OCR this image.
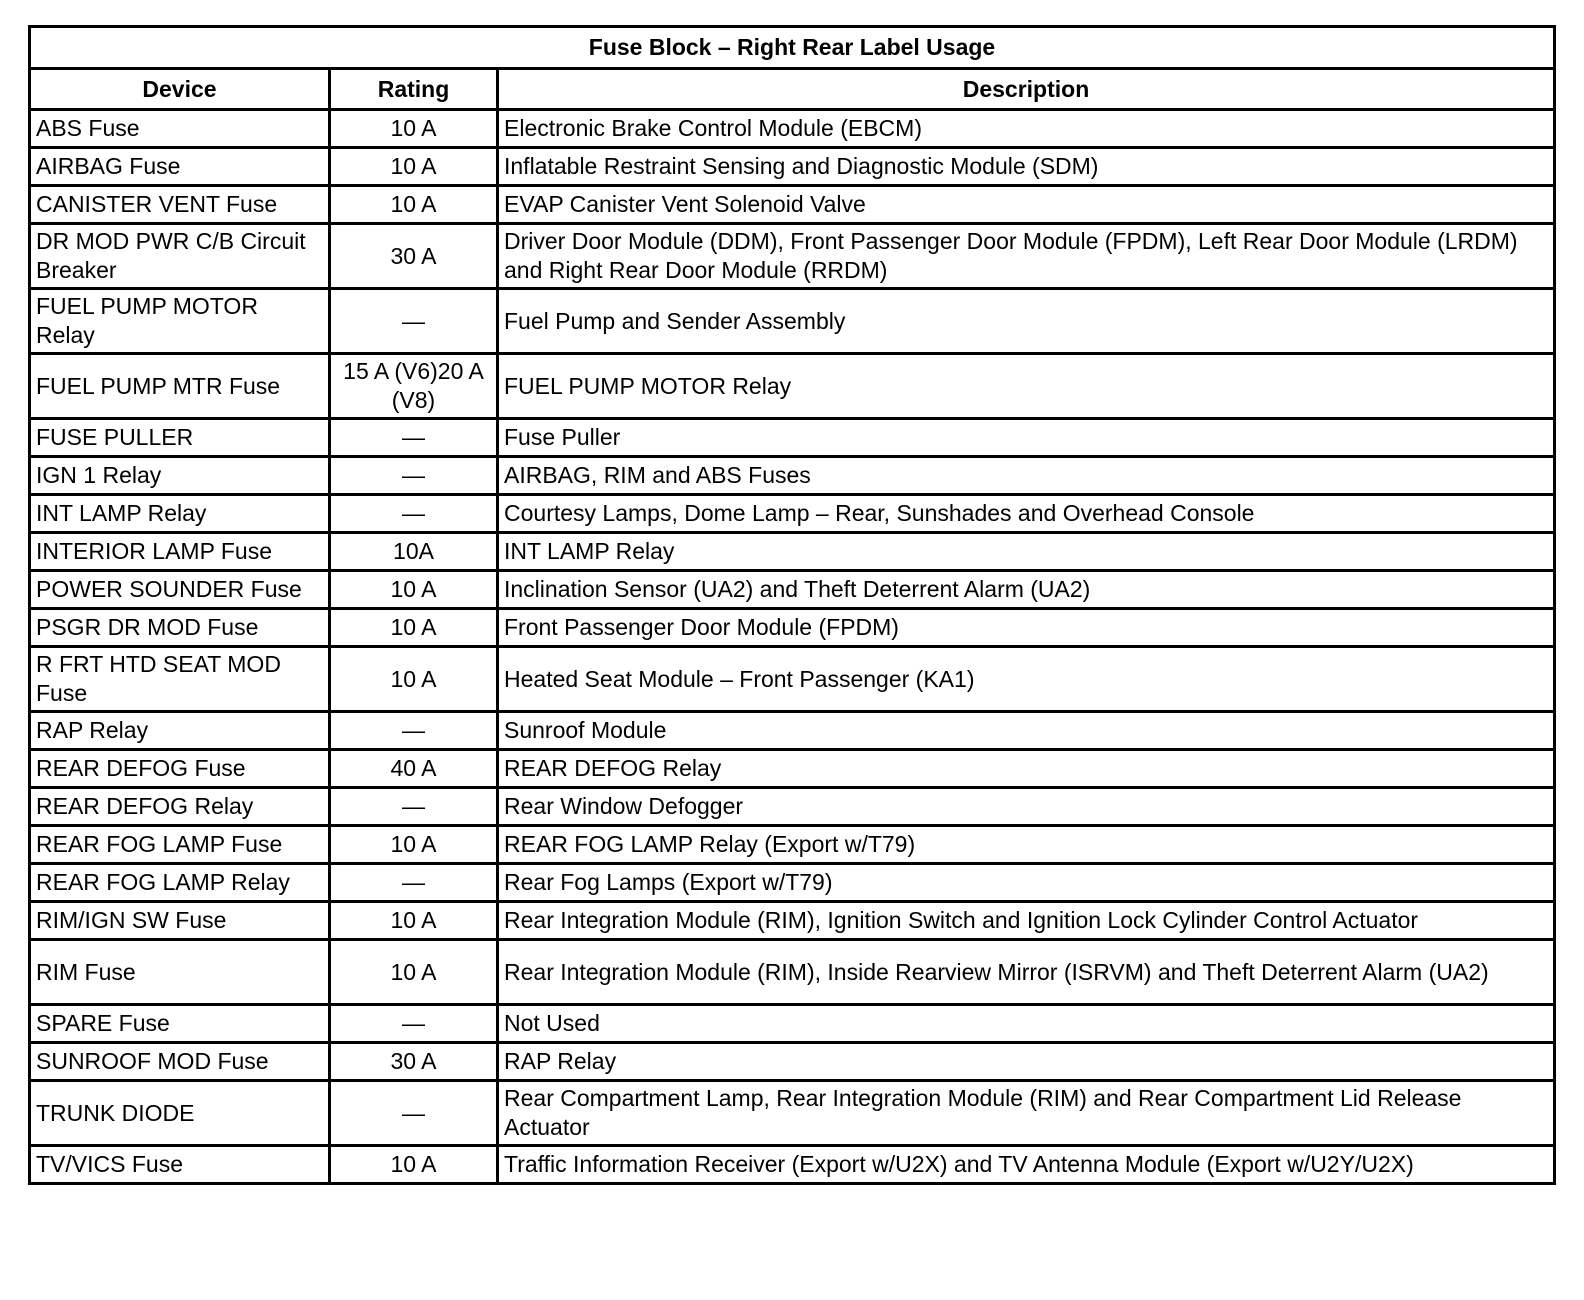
Fuse Block – Right Rear Label Usage		
Device	Rating	Description
ABS Fuse	10 A	Electronic Brake Control Module (EBCM)
AIRBAG Fuse	10 A	Inflatable Restraint Sensing and Diagnostic Module (SDM)
CANISTER VENT Fuse	10 A	EVAP Canister Vent Solenoid Valve
DR MOD PWR C/B Circuit Breaker	30 A	Driver Door Module (DDM), Front Passenger Door Module (FPDM), Left Rear Door Module (LRDM) and Right Rear Door Module (RRDM)
FUEL PUMP MOTOR Relay	—	Fuel Pump and Sender Assembly
FUEL PUMP MTR Fuse	15 A (V6)20 A (V8)	FUEL PUMP MOTOR Relay
FUSE PULLER	—	Fuse Puller
IGN 1 Relay	—	AIRBAG, RIM and ABS Fuses
INT LAMP Relay	—	Courtesy Lamps, Dome Lamp – Rear, Sunshades and Overhead Console
INTERIOR LAMP Fuse	10A	INT LAMP Relay
POWER SOUNDER Fuse	10 A	Inclination Sensor (UA2) and Theft Deterrent Alarm (UA2)
PSGR DR MOD Fuse	10 A	Front Passenger Door Module (FPDM)
R FRT HTD SEAT MOD Fuse	10 A	Heated Seat Module – Front Passenger (KA1)
RAP Relay	—	Sunroof Module
REAR DEFOG Fuse	40 A	REAR DEFOG Relay
REAR DEFOG Relay	—	Rear Window Defogger
REAR FOG LAMP Fuse	10 A	REAR FOG LAMP Relay (Export w/T79)
REAR FOG LAMP Relay	—	Rear Fog Lamps (Export w/T79)
RIM/IGN SW Fuse	10 A	Rear Integration Module (RIM), Ignition Switch and Ignition Lock Cylinder Control Actuator
RIM Fuse	10 A	Rear Integration Module (RIM), Inside Rearview Mirror (ISRVM) and Theft Deterrent Alarm (UA2)
SPARE Fuse	—	Not Used
SUNROOF MOD Fuse	30 A	RAP Relay
TRUNK DIODE	—	Rear Compartment Lamp, Rear Integration Module (RIM) and Rear Compartment Lid Release Actuator
TV/VICS Fuse	10 A	Traffic Information Receiver (Export w/U2X) and TV Antenna Module (Export w/U2Y/U2X)
